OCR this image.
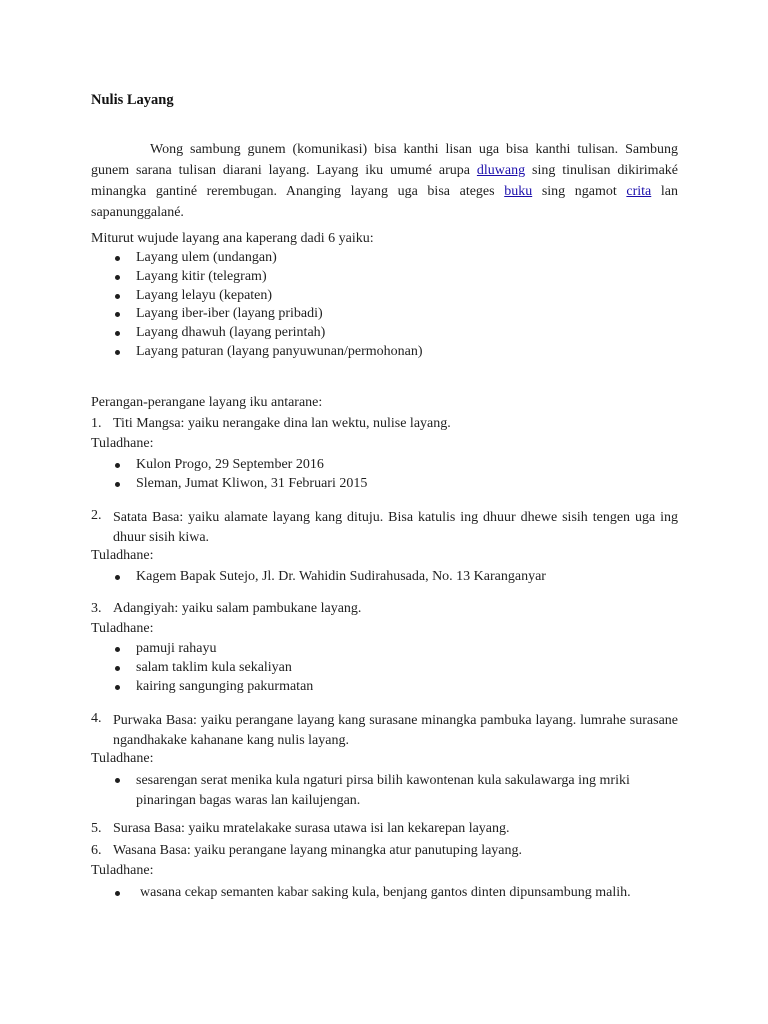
Nulis Layang
Wong sambung gunem (komunikasi) bisa kanthi lisan uga bisa kanthi tulisan. Sambung gunem sarana tulisan diarani layang. Layang iku umumé arupa dluwang sing tinulisan dikirimaké minangka gantiné rerembugan. Ananging layang uga bisa ateges buku sing ngamot crita lan sapanunggalané.
Miturut wujude layang ana kaperang dadi 6 yaiku:
Layang ulem (undangan)
Layang kitir (telegram)
Layang lelayu (kepaten)
Layang iber-iber (layang pribadi)
Layang dhawuh (layang perintah)
Layang paturan (layang panyuwunan/permohonan)
Perangan-perangane layang iku antarane:
1. Titi Mangsa: yaiku nerangake dina lan wektu, nulise layang.
Tuladhane:
Kulon Progo, 29 September 2016
Sleman, Jumat Kliwon, 31 Februari 2015
2. Satata Basa: yaiku alamate layang kang dituju. Bisa katulis ing dhuur dhewe sisih tengen uga ing dhuur sisih kiwa.
Tuladhane:
Kagem Bapak Sutejo, Jl. Dr. Wahidin Sudirahusada, No. 13 Karanganyar
3. Adangiyah: yaiku salam pambukane layang.
Tuladhane:
pamuji rahayu
salam taklim kula sekaliyan
kairing sangunging pakurmatan
4. Purwaka Basa: yaiku perangane layang kang surasane minangka pambuka layang. lumrahe surasane ngandhakake kahanane kang nulis layang.
Tuladhane:
sesarengan serat menika kula ngaturi pirsa bilih kawontenan kula sakulawarga ing mriki pinaringan bagas waras lan kailujengan.
5. Surasa Basa: yaiku mratelakake surasa utawa isi lan kekarepan layang.
6. Wasana Basa: yaiku perangane layang minangka atur panutuping layang.
Tuladhane:
wasana cekap semanten kabar saking kula, benjang gantos dinten dipunsambung malih.
